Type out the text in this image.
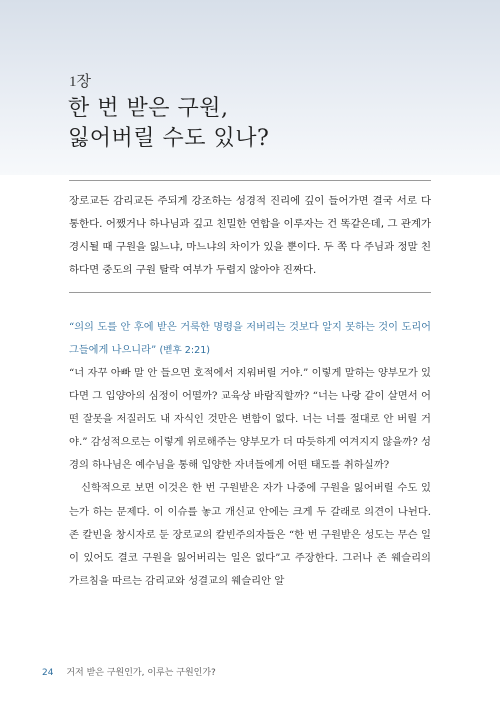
1장
한 번 받은 구원,
잃어버릴 수도 있나?

장로교든 감리교든 주되게 강조하는 성경적 진리에 깊이 들어가면 결국 서로 다 통한다. 어쨌거나 하나님과 깊고 친밀한 연합을 이루자는 건 똑같은데, 그 관계가 경시될 때 구원을 잃느냐, 마느냐의 차이가 있을 뿐이다. 두 쪽 다 주님과 정말 친하다면 중도의 구원 탈락 여부가 두렵지 않아야 진짜다.

“의의 도를 안 후에 받은 거룩한 명령을 저버리는 것보다 알지 못하는 것이 도리어 그들에게 나으니라” (벧후 2:21)

“너 자꾸 아빠 말 안 들으면 호적에서 지워버릴 거야.” 이렇게 말하는 양부모가 있다면 그 입양아의 심정이 어떨까? 교육상 바람직할까? “너는 나랑 같이 살면서 어떤 잘못을 저질러도 내 자식인 것만은 변함이 없다. 너는 너를 절대로 안 버릴 거야.” 감성적으로는 이렇게 위로해주는 양부모가 더 따듯하게 여겨지지 않을까? 성경의 하나님은 예수님을 통해 입양한 자녀들에게 어떤 태도를 취하실까?

신학적으로 보면 이것은 한 번 구원받은 자가 나중에 구원을 잃어버릴 수도 있는가 하는 문제다. 이 이슈를 놓고 개신교 안에는 크게 두 갈래로 의견이 나뉜다. 존 칼빈을 창시자로 둔 장로교의 칼빈주의자들은 “한 번 구원받은 성도는 무슨 일이 있어도 결코 구원을 잃어버리는 일은 없다”고 주장한다. 그러나 존 웨슬리의 가르침을 따르는 감리교와 성결교의 웨슬리안 알

24 거저 받은 구원인가, 이루는 구원인가?
